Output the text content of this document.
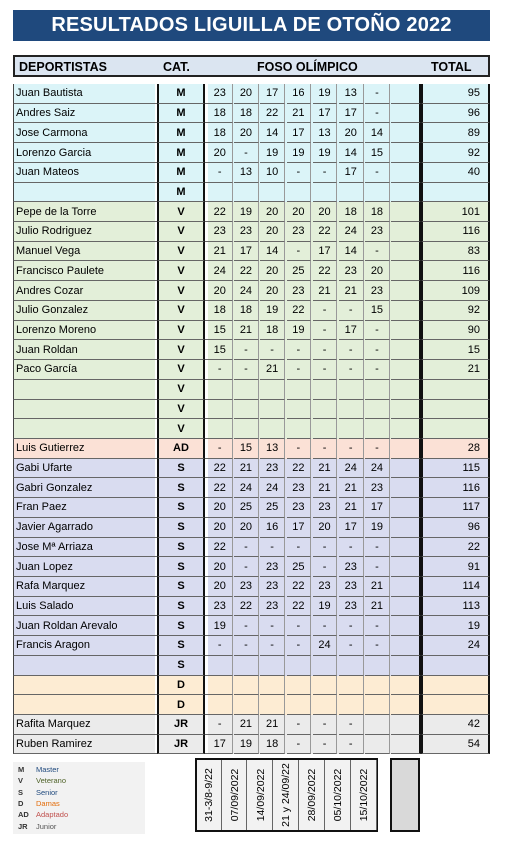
RESULTADOS LIGUILLA DE OTOÑO 2022
DEPORTISTAS	CAT.	FOSO OLÍMPICO	TOTAL
Juan Bautista	M	23	20	17	16	19	13	-	95
Andres Saiz	M	18	18	22	21	17	17	-	96
Jose Carmona	M	18	20	14	17	13	20	14	89
Lorenzo Garcia	M	20	-	19	19	19	14	15	92
Juan Mateos	M	-	13	10	-	-	17	-	40
M
Pepe de la Torre	V	22	19	20	20	20	18	18	101
Julio Rodriguez	V	23	23	20	23	22	24	23	116
Manuel Vega	V	21	17	14	-	17	14	-	83
Francisco Paulete	V	24	22	20	25	22	23	20	116
Andres Cozar	V	20	24	20	23	21	21	23	109
Julio Gonzalez	V	18	18	19	22	-	-	15	92
Lorenzo Moreno	V	15	21	18	19	-	17	-	90
Juan Roldan	V	15	-	-	-	-	-	-	15
Paco García	V	-	-	21	-	-	-	-	21
V
V
V
Luis Gutierrez	AD	-	15	13	-	-	-	-	28
Gabi Ufarte	S	22	21	23	22	21	24	24	115
Gabri Gonzalez	S	22	24	24	23	21	21	23	116
Fran Paez	S	20	25	25	23	23	21	17	117
Javier Agarrado	S	20	20	16	17	20	17	19	96
Jose Mª Arriaza	S	22	-	-	-	-	-	-	22
Juan Lopez	S	20	-	23	25	-	23	-	91
Rafa Marquez	S	20	23	23	22	23	23	21	114
Luis Salado	S	23	22	23	22	19	23	21	113
Juan Roldan Arevalo	S	19	-	-	-	-	-	-	19
Francis Aragon	S	-	-	-	-	24	-	-	24
S
D
D
Rafita Marquez	JR	-	21	21	-	-	-	42
Ruben Ramirez	JR	17	19	18	-	-	-	54
M	Master
V	Veterano
S	Senior
D	Damas
AD Adaptado
JR	Junior
31-3/8-9/22 07/09/2022 14/09/2022 21 y 24/09/22 28/09/2022 05/10/2022 15/10/2022
